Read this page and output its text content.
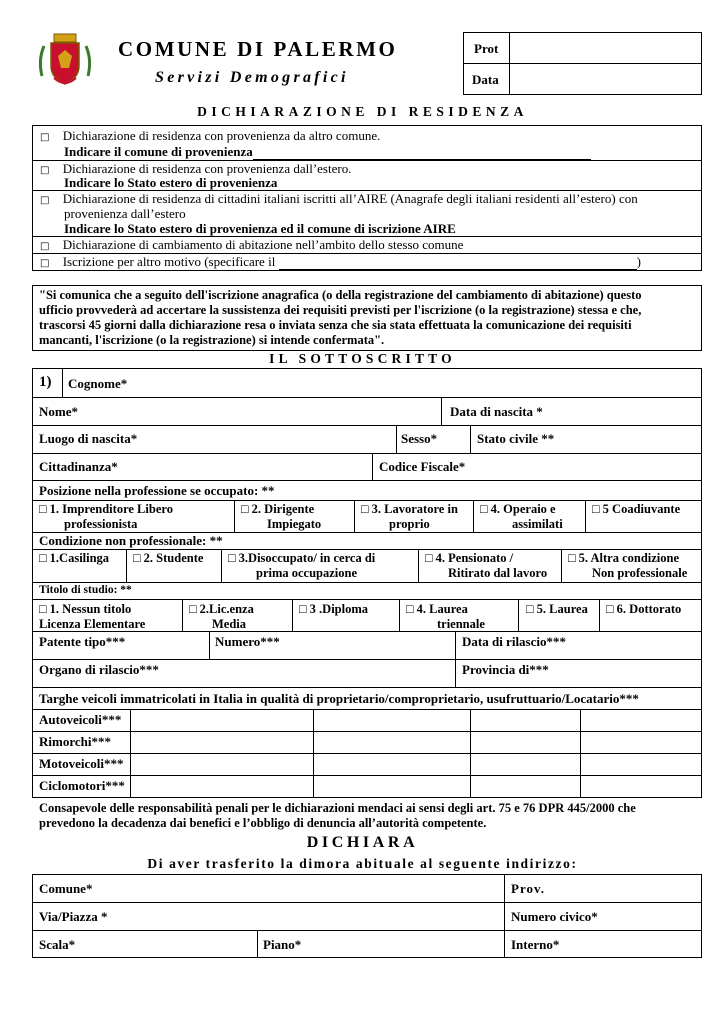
COMUNE DI PALERMO
Servizi Demografici
Prot
Data
DICHIARAZIONE DI RESIDENZA
□ Dichiarazione di residenza con provenienza da altro comune.
Indicare il comune di provenienza
□ Dichiarazione di residenza con provenienza dall’estero.
Indicare lo Stato estero di provenienza
□ Dichiarazione di residenza di cittadini italiani iscritti all’AIRE (Anagrafe degli italiani residenti all’estero) con
provenienza dall’estero
Indicare lo Stato estero di provenienza ed il comune di iscrizione AIRE
□ Dichiarazione di cambiamento di abitazione nell’ambito dello stesso comune
□ Iscrizione per altro motivo (specificare il	)
"Si comunica che a seguito dell'iscrizione anagrafica (o della registrazione del cambiamento di abitazione) questo
ufficio provvederà ad accertare la sussistenza dei requisiti previsti per l'iscrizione (o la registrazione) stessa e che,
trascorsi 45 giorni dalla dichiarazione resa o inviata senza che sia stata effettuata la comunicazione dei requisiti
mancanti, l'iscrizione (o la registrazione) si intende confermata".
IL SOTTOSCRITTO
1) Cognome*
Nome*	Data di nascita *
Luogo di nascita*	Sesso*	Stato civile **
Cittadinanza*	Codice Fiscale*
Posizione nella professione se occupato: **
□ 1. Imprenditore Libero
professionista
□ 2. Dirigente
Impiegato
□ 3. Lavoratore in
proprio
□ 4. Operaio e
assimilati
□ 5 Coadiuvante
Condizione non professionale: **
□ 1.Casilinga □ 2. Studente □ 3.Disoccupato/ in cerca di
prima occupazione
□ 4. Pensionato /
Ritirato dal lavoro
□ 5. Altra condizione
Non professionale
Titolo di studio: **
□ 1. Nessun titolo
Licenza Elementare
□ 2.Lic.enza
Media
□ 3 .Diploma	□ 4. Laurea
triennale
□ 5. Laurea □ 6. Dottorato
Patente tipo***	Numero***	Data di rilascio***
Organo di rilascio***	Provincia di***
Targhe veicoli immatricolati in Italia in qualità di proprietario/comproprietario, usufruttuario/Locatario***
Autoveicoli***
Rimorchi***
Motoveicoli***
Ciclomotori***
Consapevole delle responsabilità penali per le dichiarazioni mendaci ai sensi degli art. 75 e 76 DPR 445/2000 che
prevedono la decadenza dai benefici e l’obbligo di denuncia all’autorità competente.
DICHIARA
Di aver trasferito la dimora abituale al seguente indirizzo:
Comune*	Prov.
Via/Piazza *	Numero civico*
Scala*	Piano*	Interno*
